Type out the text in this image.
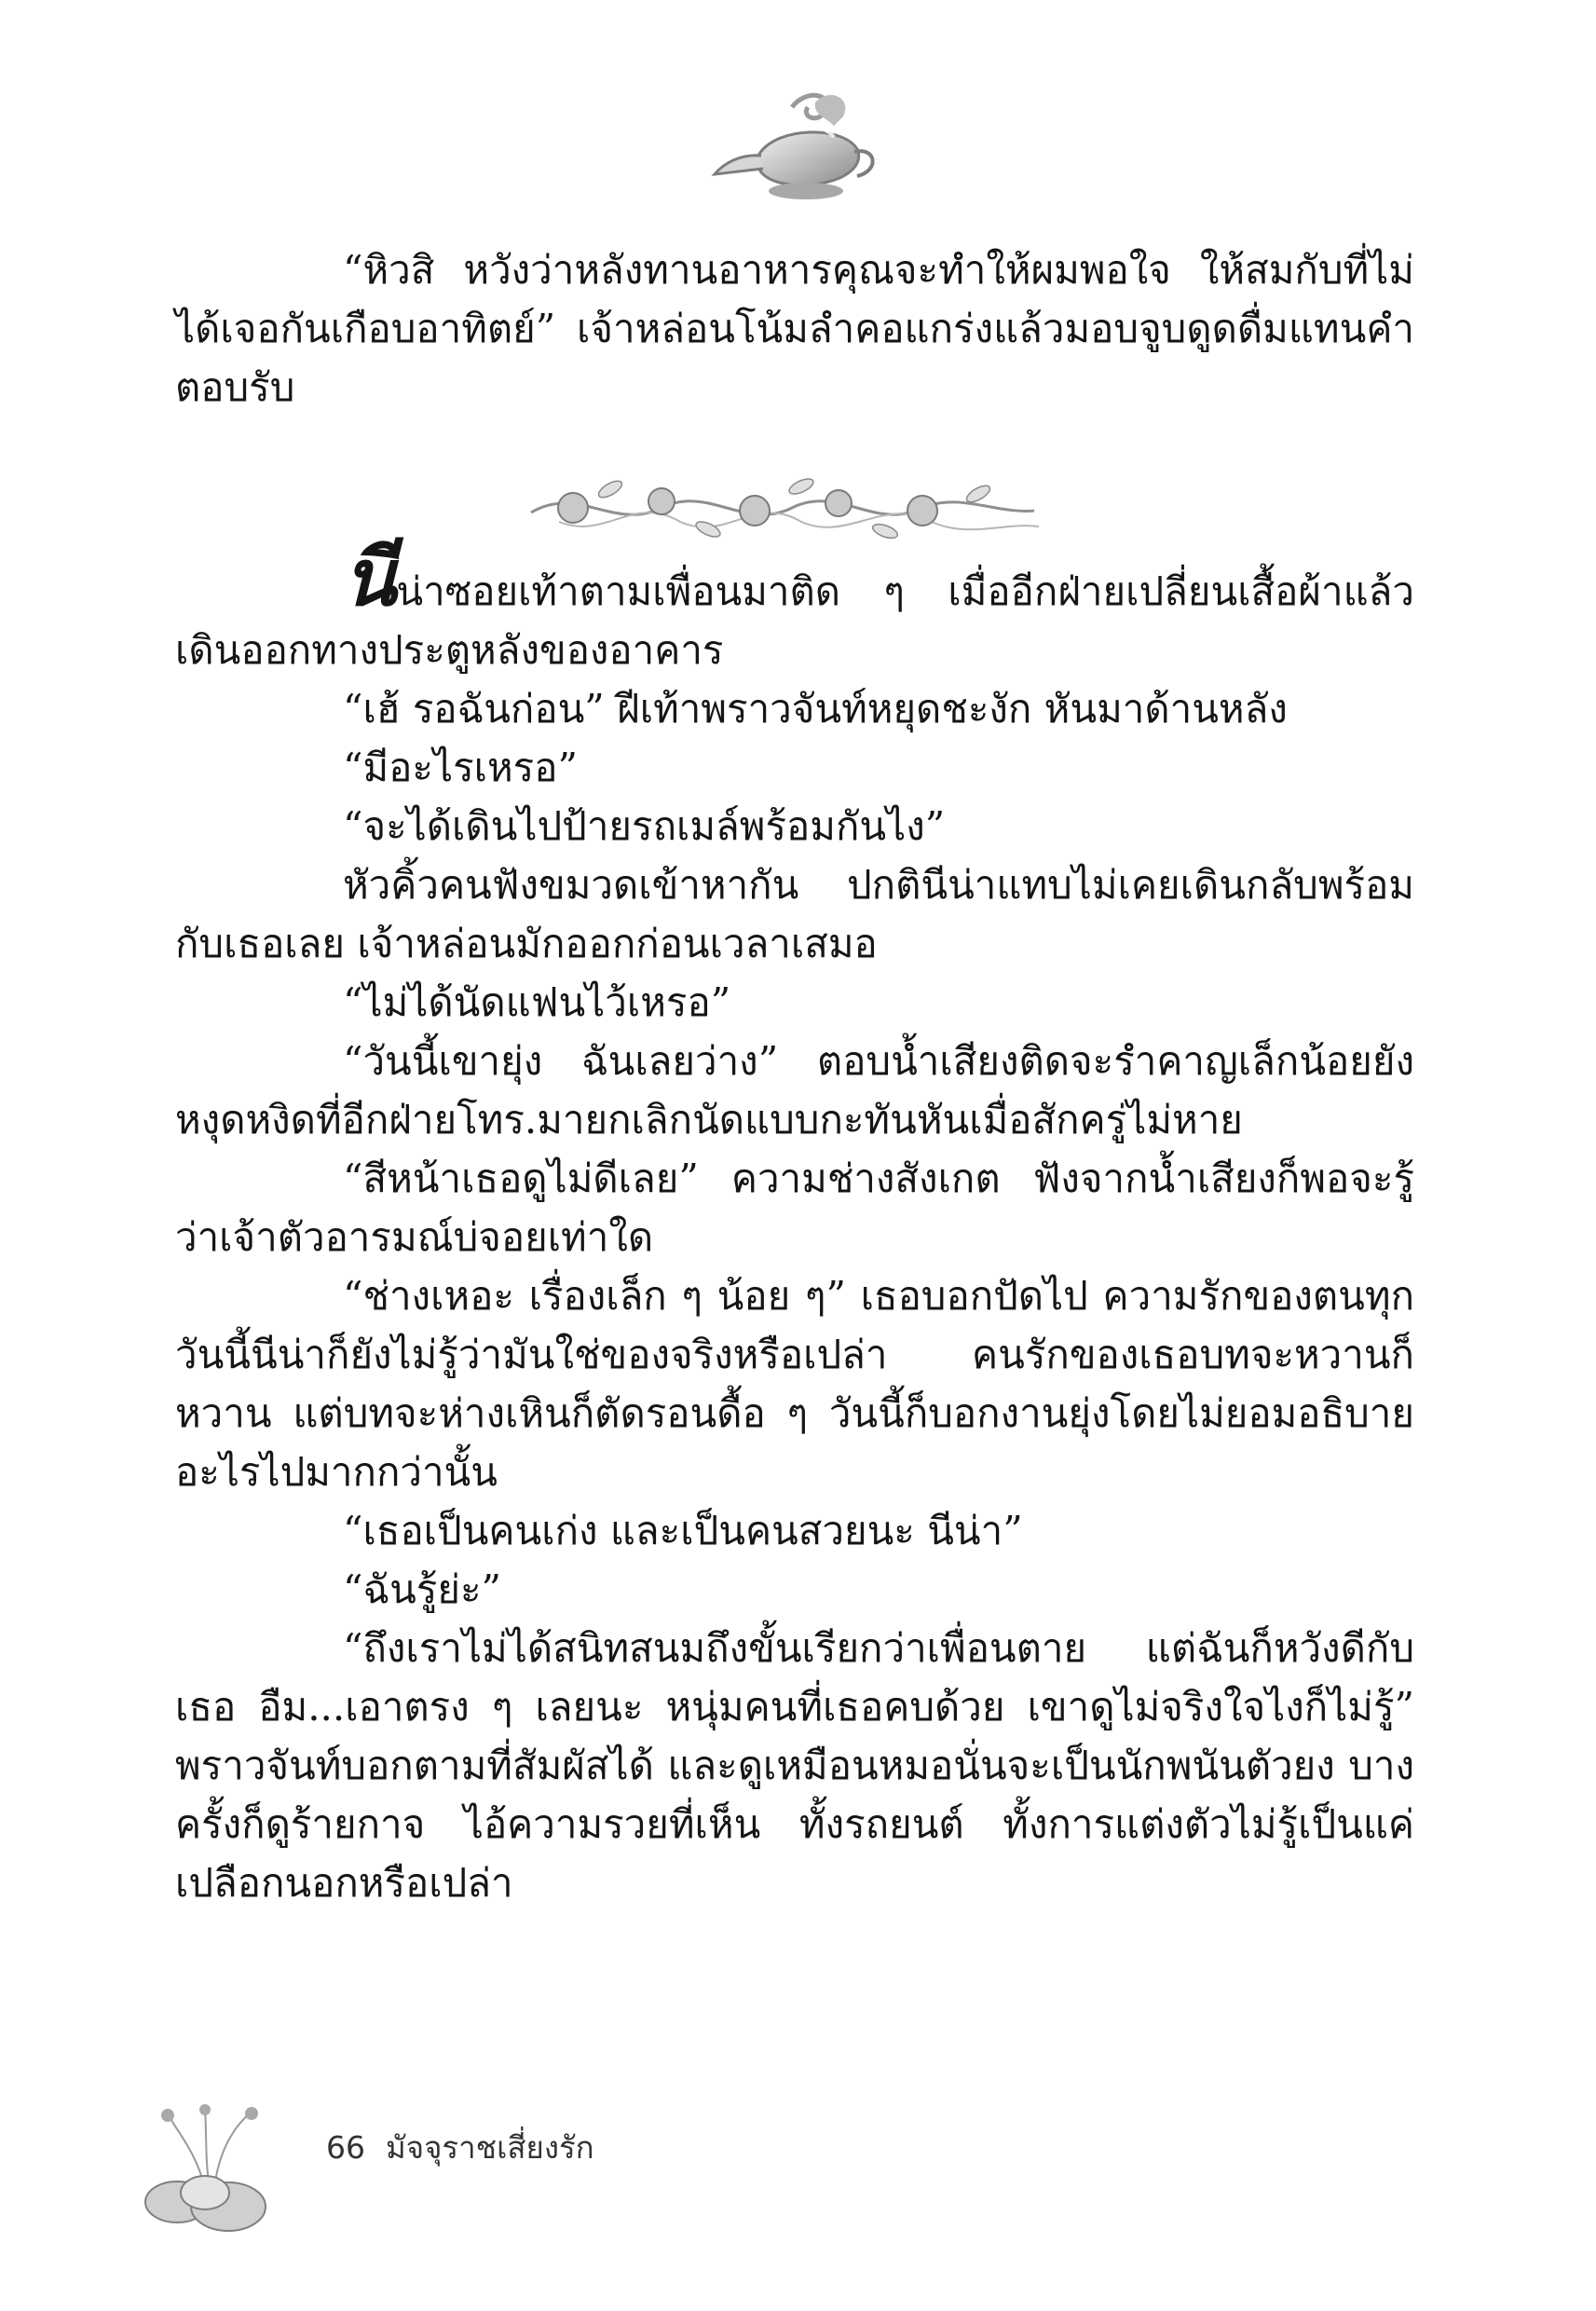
“หิวสิ หวังว่าหลังทานอาหารคุณจะทำให้ผมพอใจ ให้สมกับที่ไม่ได้เจอกันเกือบอาทิตย์” เจ้าหล่อนโน้มลำคอแกร่งแล้วมอบจูบดูดดื่มแทนคำตอบรับ

นีน่าซอยเท้าตามเพื่อนมาติด ๆ เมื่ออีกฝ่ายเปลี่ยนเสื้อผ้าแล้วเดินออกทางประตูหลังของอาคาร

“เฮ้ รอฉันก่อน” ฝีเท้าพราวจันท์หยุดชะงัก หันมาด้านหลัง

“มีอะไรเหรอ”

“จะได้เดินไปป้ายรถเมล์พร้อมกันไง”

หัวคิ้วคนฟังขมวดเข้าหากัน ปกตินีน่าแทบไม่เคยเดินกลับพร้อมกับเธอเลย เจ้าหล่อนมักออกก่อนเวลาเสมอ

“ไม่ได้นัดแฟนไว้เหรอ”

“วันนี้เขายุ่ง ฉันเลยว่าง” ตอบน้ำเสียงติดจะรำคาญเล็กน้อยยังหงุดหงิดที่อีกฝ่ายโทร.มายกเลิกนัดแบบกะทันหันเมื่อสักครู่ไม่หาย

“สีหน้าเธอดูไม่ดีเลย” ความช่างสังเกต ฟังจากน้ำเสียงก็พอจะรู้ว่าเจ้าตัวอารมณ์บ่จอยเท่าใด

“ช่างเหอะ เรื่องเล็ก ๆ น้อย ๆ” เธอบอกปัดไป ความรักของตนทุกวันนี้นีน่าก็ยังไม่รู้ว่ามันใช่ของจริงหรือเปล่า คนรักของเธอบทจะหวานก็หวาน แต่บทจะห่างเหินก็ตัดรอนดื้อ ๆ วันนี้ก็บอกงานยุ่งโดยไม่ยอมอธิบายอะไรไปมากกว่านั้น

“เธอเป็นคนเก่ง และเป็นคนสวยนะ นีน่า”

“ฉันรู้ย่ะ”

“ถึงเราไม่ได้สนิทสนมถึงขั้นเรียกว่าเพื่อนตาย แต่ฉันก็หวังดีกับเธอ อืม...เอาตรง ๆ เลยนะ หนุ่มคนที่เธอคบด้วย เขาดูไม่จริงใจไงก็ไม่รู้” พราวจันท์บอกตามที่สัมผัสได้ และดูเหมือนหมอนั่นจะเป็นนักพนันตัวยง บางครั้งก็ดูร้ายกาจ ไอ้ความรวยที่เห็น ทั้งรถยนต์ ทั้งการแต่งตัวไม่รู้เป็นแค่เปลือกนอกหรือเปล่า

66 มัจจุราชเสี่ยงรัก
